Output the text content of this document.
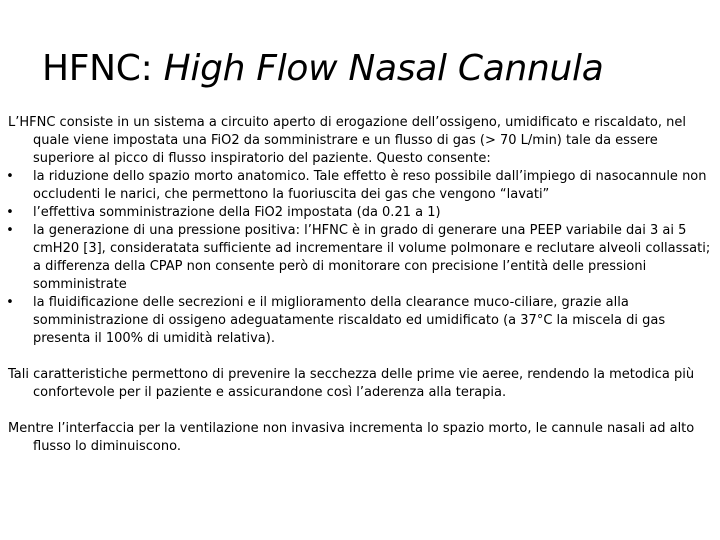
HFNC: High Flow Nasal Cannula
L’HFNC consiste in un sistema a circuito aperto di erogazione dell’ossigeno, umidificato e riscaldato, nel quale viene impostata una FiO2 da somministrare e un flusso di gas (> 70 L/min) tale da essere superiore al picco di flusso inspiratorio del paziente. Questo consente:
• la riduzione dello spazio morto anatomico. Tale effetto è reso possibile dall’impiego di nasocannule non occludenti le narici, che permettono la fuoriuscita dei gas che vengono “lavati”
• l’effettiva somministrazione della FiO2 impostata (da 0.21 a 1)
• la generazione di una pressione positiva: l’HFNC è in grado di generare una PEEP variabile dai 3 ai 5 cmH20 [3], consideratata sufficiente ad incrementare il volume polmonare e reclutare alveoli collassati; a differenza della CPAP non consente però di monitorare con precisione l’entità delle pressioni somministrate
• la fluidificazione delle secrezioni e il miglioramento della clearance muco-ciliare, grazie alla somministrazione di ossigeno adeguatamente riscaldato ed umidificato (a 37°C la miscela di gas presenta il 100% di umidità relativa).
Tali caratteristiche permettono di prevenire la secchezza delle prime vie aeree, rendendo la metodica più confortevole per il paziente e assicurandone così l’aderenza alla terapia.
Mentre l’interfaccia per la ventilazione non invasiva incrementa lo spazio morto, le cannule nasali ad alto flusso lo diminuiscono.
